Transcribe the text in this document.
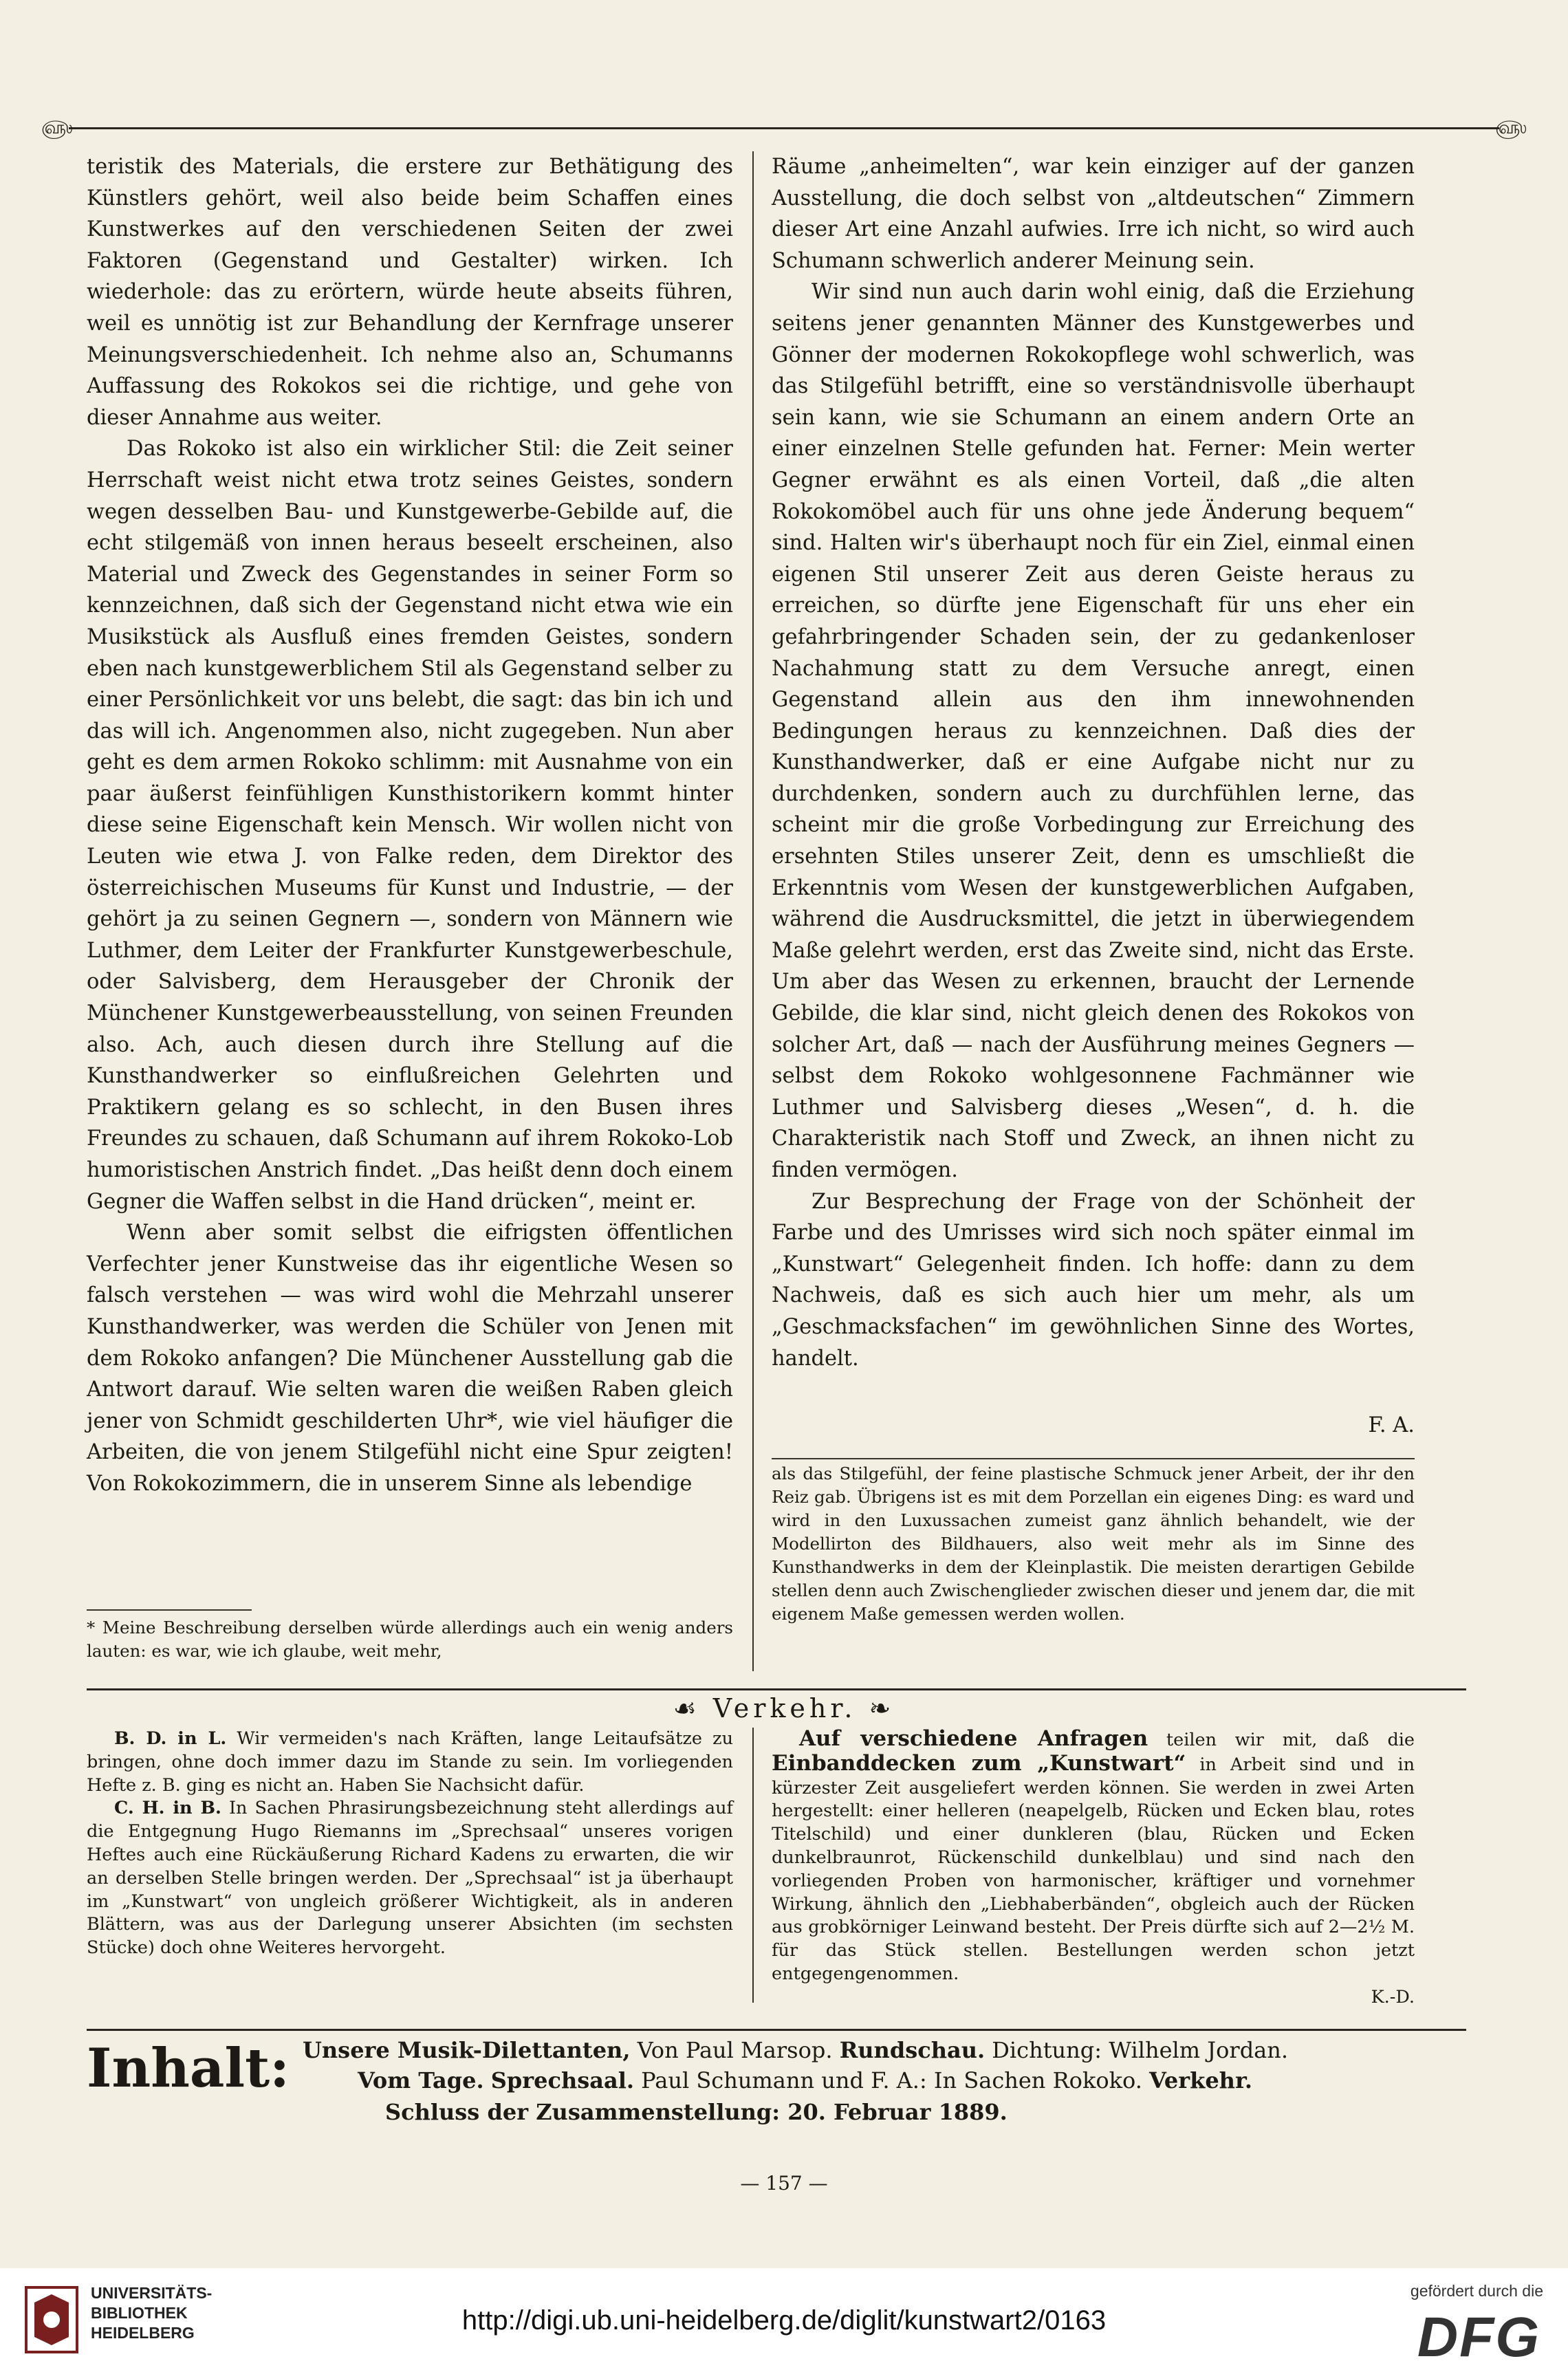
௵	௵

teristik des Materials, die erstere zur Bethätigung des Künstlers gehört, weil also beide beim Schaffen eines Kunstwerkes auf den verschiedenen Seiten der zwei Faktoren (Gegenstand und Gestalter) wirken. Ich wiederhole: das zu erörtern, würde heute abseits führen, weil es unnötig ist zur Behandlung der Kernfrage unserer Meinungsverschiedenheit. Ich nehme also an, Schumanns Auffassung des Rokokos sei die richtige, und gehe von dieser Annahme aus weiter.

Das Rokoko ist also ein wirklicher Stil: die Zeit seiner Herrschaft weist nicht etwa trotz seines Geistes, sondern wegen desselben Bau- und Kunstgewerbe-Gebilde auf, die echt stilgemäß von innen heraus beseelt erscheinen, also Material und Zweck des Gegenstandes in seiner Form so kennzeichnen, daß sich der Gegenstand nicht etwa wie ein Musikstück als Ausfluß eines fremden Geistes, sondern eben nach kunstgewerblichem Stil als Gegenstand selber zu einer Persönlichkeit vor uns belebt, die sagt: das bin ich und das will ich. Angenommen also, nicht zugegeben. Nun aber geht es dem armen Rokoko schlimm: mit Ausnahme von ein paar äußerst feinfühligen Kunsthistorikern kommt hinter diese seine Eigenschaft kein Mensch. Wir wollen nicht von Leuten wie etwa J. von Falke reden, dem Direktor des österreichischen Museums für Kunst und Industrie, — der gehört ja zu seinen Gegnern —, sondern von Männern wie Luthmer, dem Leiter der Frankfurter Kunstgewerbeschule, oder Salvisberg, dem Herausgeber der Chronik der Münchener Kunstgewerbeausstellung, von seinen Freunden also. Ach, auch diesen durch ihre Stellung auf die Kunsthandwerker so einflußreichen Gelehrten und Praktikern gelang es so schlecht, in den Busen ihres Freundes zu schauen, daß Schumann auf ihrem Rokoko-Lob humoristischen Anstrich findet. „Das heißt denn doch einem Gegner die Waffen selbst in die Hand drücken“, meint er.

Wenn aber somit selbst die eifrigsten öffentlichen Verfechter jener Kunstweise das ihr eigentliche Wesen so falsch verstehen — was wird wohl die Mehrzahl unserer Kunsthandwerker, was werden die Schüler von Jenen mit dem Rokoko anfangen? Die Münchener Ausstellung gab die Antwort darauf. Wie selten waren die weißen Raben gleich jener von Schmidt geschilderten Uhr*, wie viel häufiger die Arbeiten, die von jenem Stilgefühl nicht eine Spur zeigten! Von Rokokozimmern, die in unserem Sinne als lebendige

* Meine Beschreibung derselben würde allerdings auch ein wenig anders lauten: es war, wie ich glaube, weit mehr,

Räume „anheimelten“, war kein einziger auf der ganzen Ausstellung, die doch selbst von „altdeutschen“ Zimmern dieser Art eine Anzahl aufwies. Irre ich nicht, so wird auch Schumann schwerlich anderer Meinung sein.

Wir sind nun auch darin wohl einig, daß die Erziehung seitens jener genannten Männer des Kunstgewerbes und Gönner der modernen Rokokopflege wohl schwerlich, was das Stilgefühl betrifft, eine so verständnisvolle überhaupt sein kann, wie sie Schumann an einem andern Orte an einer einzelnen Stelle gefunden hat. Ferner: Mein werter Gegner erwähnt es als einen Vorteil, daß „die alten Rokokomöbel auch für uns ohne jede Änderung bequem“ sind. Halten wir's überhaupt noch für ein Ziel, einmal einen eigenen Stil unserer Zeit aus deren Geiste heraus zu erreichen, so dürfte jene Eigenschaft für uns eher ein gefahrbringender Schaden sein, der zu gedankenloser Nachahmung statt zu dem Versuche anregt, einen Gegenstand allein aus den ihm innewohnenden Bedingungen heraus zu kennzeichnen. Daß dies der Kunsthandwerker, daß er eine Aufgabe nicht nur zu durchdenken, sondern auch zu durchfühlen lerne, das scheint mir die große Vorbedingung zur Erreichung des ersehnten Stiles unserer Zeit, denn es umschließt die Erkenntnis vom Wesen der kunstgewerblichen Aufgaben, während die Ausdrucksmittel, die jetzt in überwiegendem Maße gelehrt werden, erst das Zweite sind, nicht das Erste. Um aber das Wesen zu erkennen, braucht der Lernende Gebilde, die klar sind, nicht gleich denen des Rokokos von solcher Art, daß — nach der Ausführung meines Gegners — selbst dem Rokoko wohlgesonnene Fachmänner wie Luthmer und Salvisberg dieses „Wesen“, d. h. die Charakteristik nach Stoff und Zweck, an ihnen nicht zu finden vermögen.

Zur Besprechung der Frage von der Schönheit der Farbe und des Umrisses wird sich noch später einmal im „Kunstwart“ Gelegenheit finden. Ich hoffe: dann zu dem Nachweis, daß es sich auch hier um mehr, als um „Geschmacksfachen“ im gewöhnlichen Sinne des Wortes, handelt.

F. A.

als das Stilgefühl, der feine plastische Schmuck jener Arbeit, der ihr den Reiz gab. Übrigens ist es mit dem Porzellan ein eigenes Ding: es ward und wird in den Luxussachen zumeist ganz ähnlich behandelt, wie der Modellirton des Bildhauers, also weit mehr als im Sinne des Kunsthandwerks in dem der Kleinplastik. Die meisten derartigen Gebilde stellen denn auch Zwischenglieder zwischen dieser und jenem dar, die mit eigenem Maße gemessen werden wollen.

☙ Verkehr. ❧

B. D. in L. Wir vermeiden's nach Kräften, lange Leitaufsätze zu bringen, ohne doch immer dazu im Stande zu sein. Im vorliegenden Hefte z. B. ging es nicht an. Haben Sie Nachsicht dafür.

C. H. in B. In Sachen Phrasirungsbezeichnung steht allerdings auf die Entgegnung Hugo Riemanns im „Sprechsaal“ unseres vorigen Heftes auch eine Rückäußerung Richard Kadens zu erwarten, die wir an derselben Stelle bringen werden. Der „Sprechsaal“ ist ja überhaupt im „Kunstwart“ von ungleich größerer Wichtigkeit, als in anderen Blättern, was aus der Darlegung unserer Absichten (im sechsten Stücke) doch ohne Weiteres hervorgeht.

Auf verschiedene Anfragen teilen wir mit, daß die Einbanddecken zum „Kunstwart“ in Arbeit sind und in kürzester Zeit ausgeliefert werden können. Sie werden in zwei Arten hergestellt: einer helleren (neapelgelb, Rücken und Ecken blau, rotes Titelschild) und einer dunkleren (blau, Rücken und Ecken dunkelbraunrot, Rückenschild dunkelblau) und sind nach den vorliegenden Proben von harmonischer, kräftiger und vornehmer Wirkung, ähnlich den „Liebhaberbänden“, obgleich auch der Rücken aus grobkörniger Leinwand besteht. Der Preis dürfte sich auf 2—2½ M. für das Stück stellen. Bestellungen werden schon jetzt entgegengenommen.

K.-D.

Inhalt: Unsere Musik-Dilettanten, Von Paul Marsop. Rundschau. Dichtung: Wilhelm Jordan.
Vom Tage. Sprechsaal. Paul Schumann und F. A.: In Sachen Rokoko. Verkehr.
Schluss der Zusammenstellung: 20. Februar 1889.
— 157 —
UNIVERSITÄTS-
BIBLIOTHEK
HEIDELBERG	http://digi.ub.uni-heidelberg.de/diglit/kunstwart2/0163
gefördert durch die
DFG
